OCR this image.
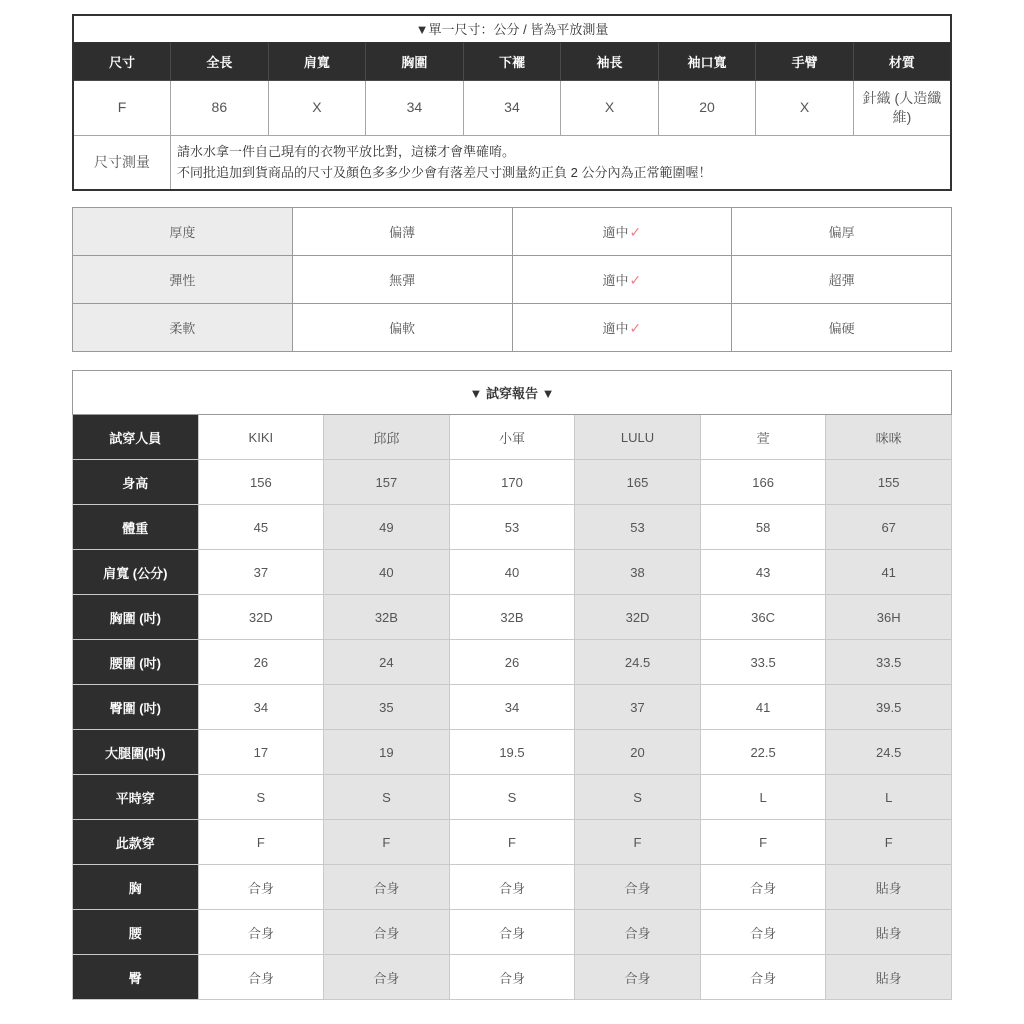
▼單一尺寸：公分 / 皆為平放測量								
尺寸	全長	肩寬	胸圍	下襬	袖長	袖口寬	手臂	材質
F	86	X	34	34	X	20	X	針織 (人造纖維)
尺寸測量	請水水拿一件自己現有的衣物平放比對，這樣才會準確唷。
不同批追加到貨商品的尺寸及顏色多多少少會有落差尺寸測量約正負 2 公分內為正常範圍喔！							
厚度	偏薄	適中✓	偏厚
彈性	無彈	適中✓	超彈
柔軟	偏軟	適中✓	偏硬
▼ 試穿報告 ▼						
試穿人員	KIKI	邱邱	小軍	LULU	萱	咪咪
身高	156	157	170	165	166	155
體重	45	49	53	53	58	67
肩寬 (公分)	37	40	40	38	43	41
胸圍 (吋)	32D	32B	32B	32D	36C	36H
腰圍 (吋)	26	24	26	24.5	33.5	33.5
臀圍 (吋)	34	35	34	37	41	39.5
大腿圍(吋)	17	19	19.5	20	22.5	24.5
平時穿	S	S	S	S	L	L
此款穿	F	F	F	F	F	F
胸	合身	合身	合身	合身	合身	貼身
腰	合身	合身	合身	合身	合身	貼身
臀	合身	合身	合身	合身	合身	貼身
